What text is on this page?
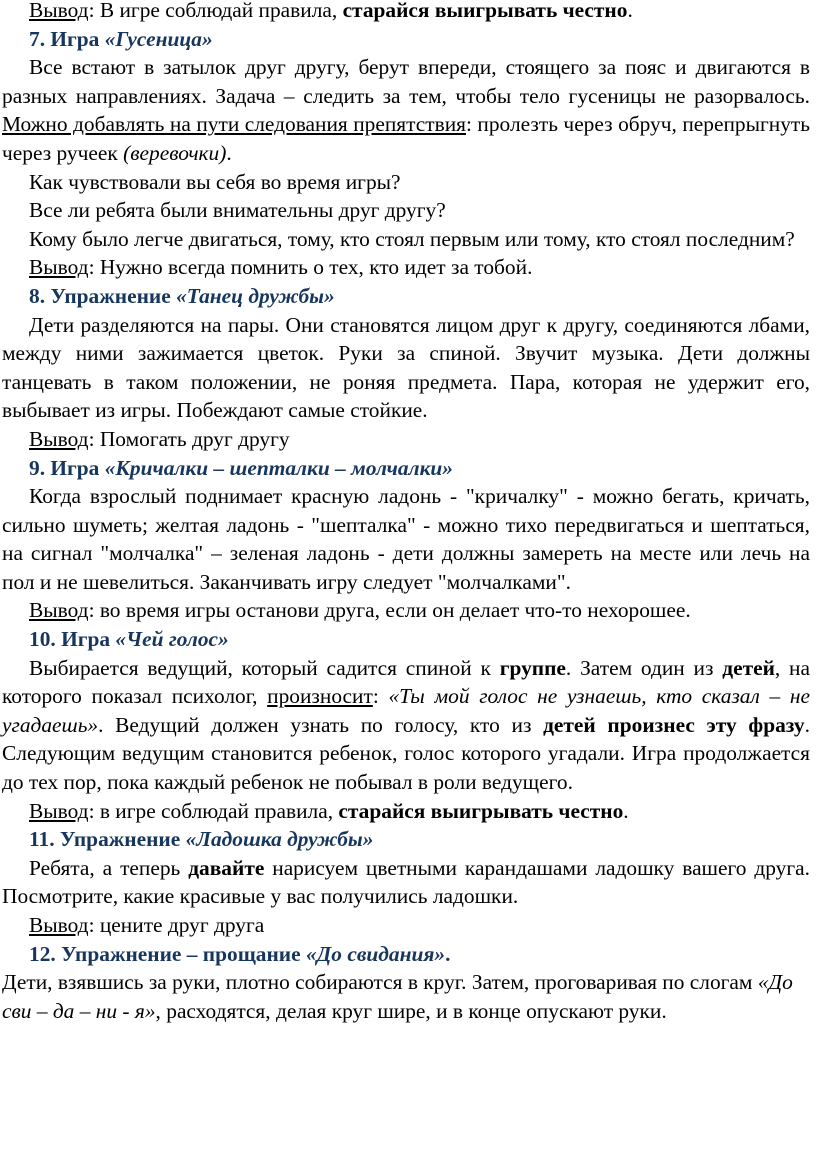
Вывод: В игре соблюдай правила, старайся выигрывать честно.

7. Игра «Гусеница»

Все встают в затылок друг другу, берут впереди, стоящего за пояс и двигаются в разных направлениях. Задача – следить за тем, чтобы тело гусеницы не разорвалось. Можно добавлять на пути следования препятствия: пролезть через обруч, перепрыгнуть через ручеек (веревочки).

Как чувствовали вы себя во время игры?

Все ли ребята были внимательны друг другу?

Кому было легче двигаться, тому, кто стоял первым или тому, кто стоял последним?

Вывод: Нужно всегда помнить о тех, кто идет за тобой.

8. Упражнение «Танец дружбы»

Дети разделяются на пары. Они становятся лицом друг к другу, соединяются лбами, между ними зажимается цветок. Руки за спиной. Звучит музыка. Дети должны танцевать в таком положении, не роняя предмета. Пара, которая не удержит его, выбывает из игры. Побеждают самые стойкие.

Вывод: Помогать друг другу

9. Игра «Кричалки – шепталки – молчалки»

Когда взрослый поднимает красную ладонь - "кричалку" - можно бегать, кричать, сильно шуметь; желтая ладонь - "шепталка" - можно тихо передвигаться и шептаться, на сигнал "молчалка" – зеленая ладонь - дети должны замереть на месте или лечь на пол и не шевелиться. Заканчивать игру следует "молчалками".

Вывод: во время игры останови друга, если он делает что-то нехорошее.

10. Игра «Чей голос»

Выбирается ведущий, который садится спиной к группе. Затем один из детей, на которого показал психолог, произносит: «Ты мой голос не узнаешь, кто сказал – не угадаешь». Ведущий должен узнать по голосу, кто из детей произнес эту фразу. Следующим ведущим становится ребенок, голос которого угадали. Игра продолжается до тех пор, пока каждый ребенок не побывал в роли ведущего.

Вывод: в игре соблюдай правила, старайся выигрывать честно.

11. Упражнение «Ладошка дружбы»

Ребята, а теперь давайте нарисуем цветными карандашами ладошку вашего друга. Посмотрите, какие красивые у вас получились ладошки.

Вывод: цените друг друга

12. Упражнение – прощание «До свидания».

Дети, взявшись за руки, плотно собираются в круг. Затем, проговаривая по слогам «До сви – да – ни - я», расходятся, делая круг шире, и в конце опускают руки.
